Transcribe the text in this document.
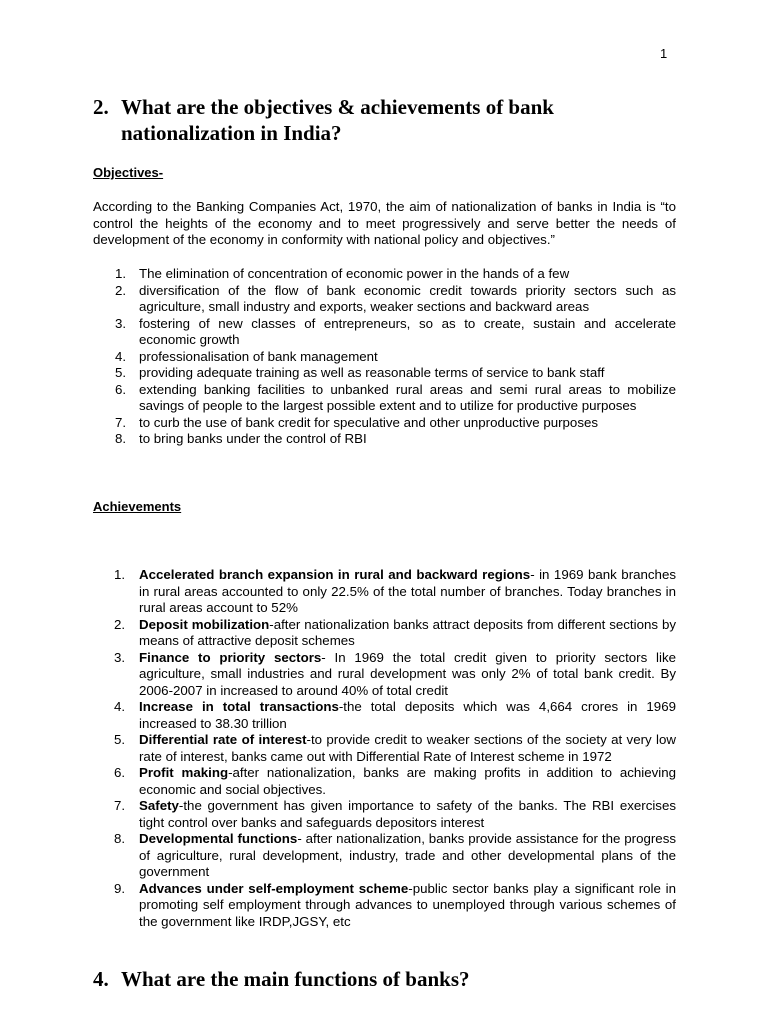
1
2. What are the objectives & achievements of bank
nationalization in India?
Objectives-

According to the Banking Companies Act, 1970, the aim of nationalization of banks in India is “to control the heights of the economy and to meet progressively and serve better the needs of development of the economy in conformity with national policy and objectives.”

1. The elimination of concentration of economic power in the hands of a few
2. diversification of the flow of bank economic credit towards priority sectors such as agriculture, small industry and exports, weaker sections and backward areas
3. fostering of new classes of entrepreneurs, so as to create, sustain and accelerate economic growth
4. professionalisation of bank management
5. providing adequate training as well as reasonable terms of service to bank staff
6. extending banking facilities to unbanked rural areas and semi rural areas to mobilize savings of people to the largest possible extent and to utilize for productive purposes
7. to curb the use of bank credit for speculative and other unproductive purposes
8. to bring banks under the control of RBI
Achievements
1. Accelerated branch expansion in rural and backward regions- in 1969 bank branches in rural areas accounted to only 22.5% of the total number of branches. Today branches in rural areas account to 52%
2. Deposit mobilization-after nationalization banks attract deposits from different sections by means of attractive deposit schemes
3. Finance to priority sectors- In 1969 the total credit given to priority sectors like agriculture, small industries and rural development was only 2% of total bank credit. By 2006-2007 in increased to around 40% of total credit
4. Increase in total transactions-the total deposits which was 4,664 crores in 1969 increased to 38.30 trillion
5. Differential rate of interest-to provide credit to weaker sections of the society at very low rate of interest, banks came out with Differential Rate of Interest scheme in 1972
6. Profit making-after nationalization, banks are making profits in addition to achieving economic and social objectives.
7. Safety-the government has given importance to safety of the banks. The RBI exercises tight control over banks and safeguards depositors interest
8. Developmental functions- after nationalization, banks provide assistance for the progress of agriculture, rural development, industry, trade and other developmental plans of the government
9. Advances under self-employment scheme-public sector banks play a significant role in promoting self employment through advances to unemployed through various schemes of the government like IRDP,JGSY, etc
4. What are the main functions of banks?
